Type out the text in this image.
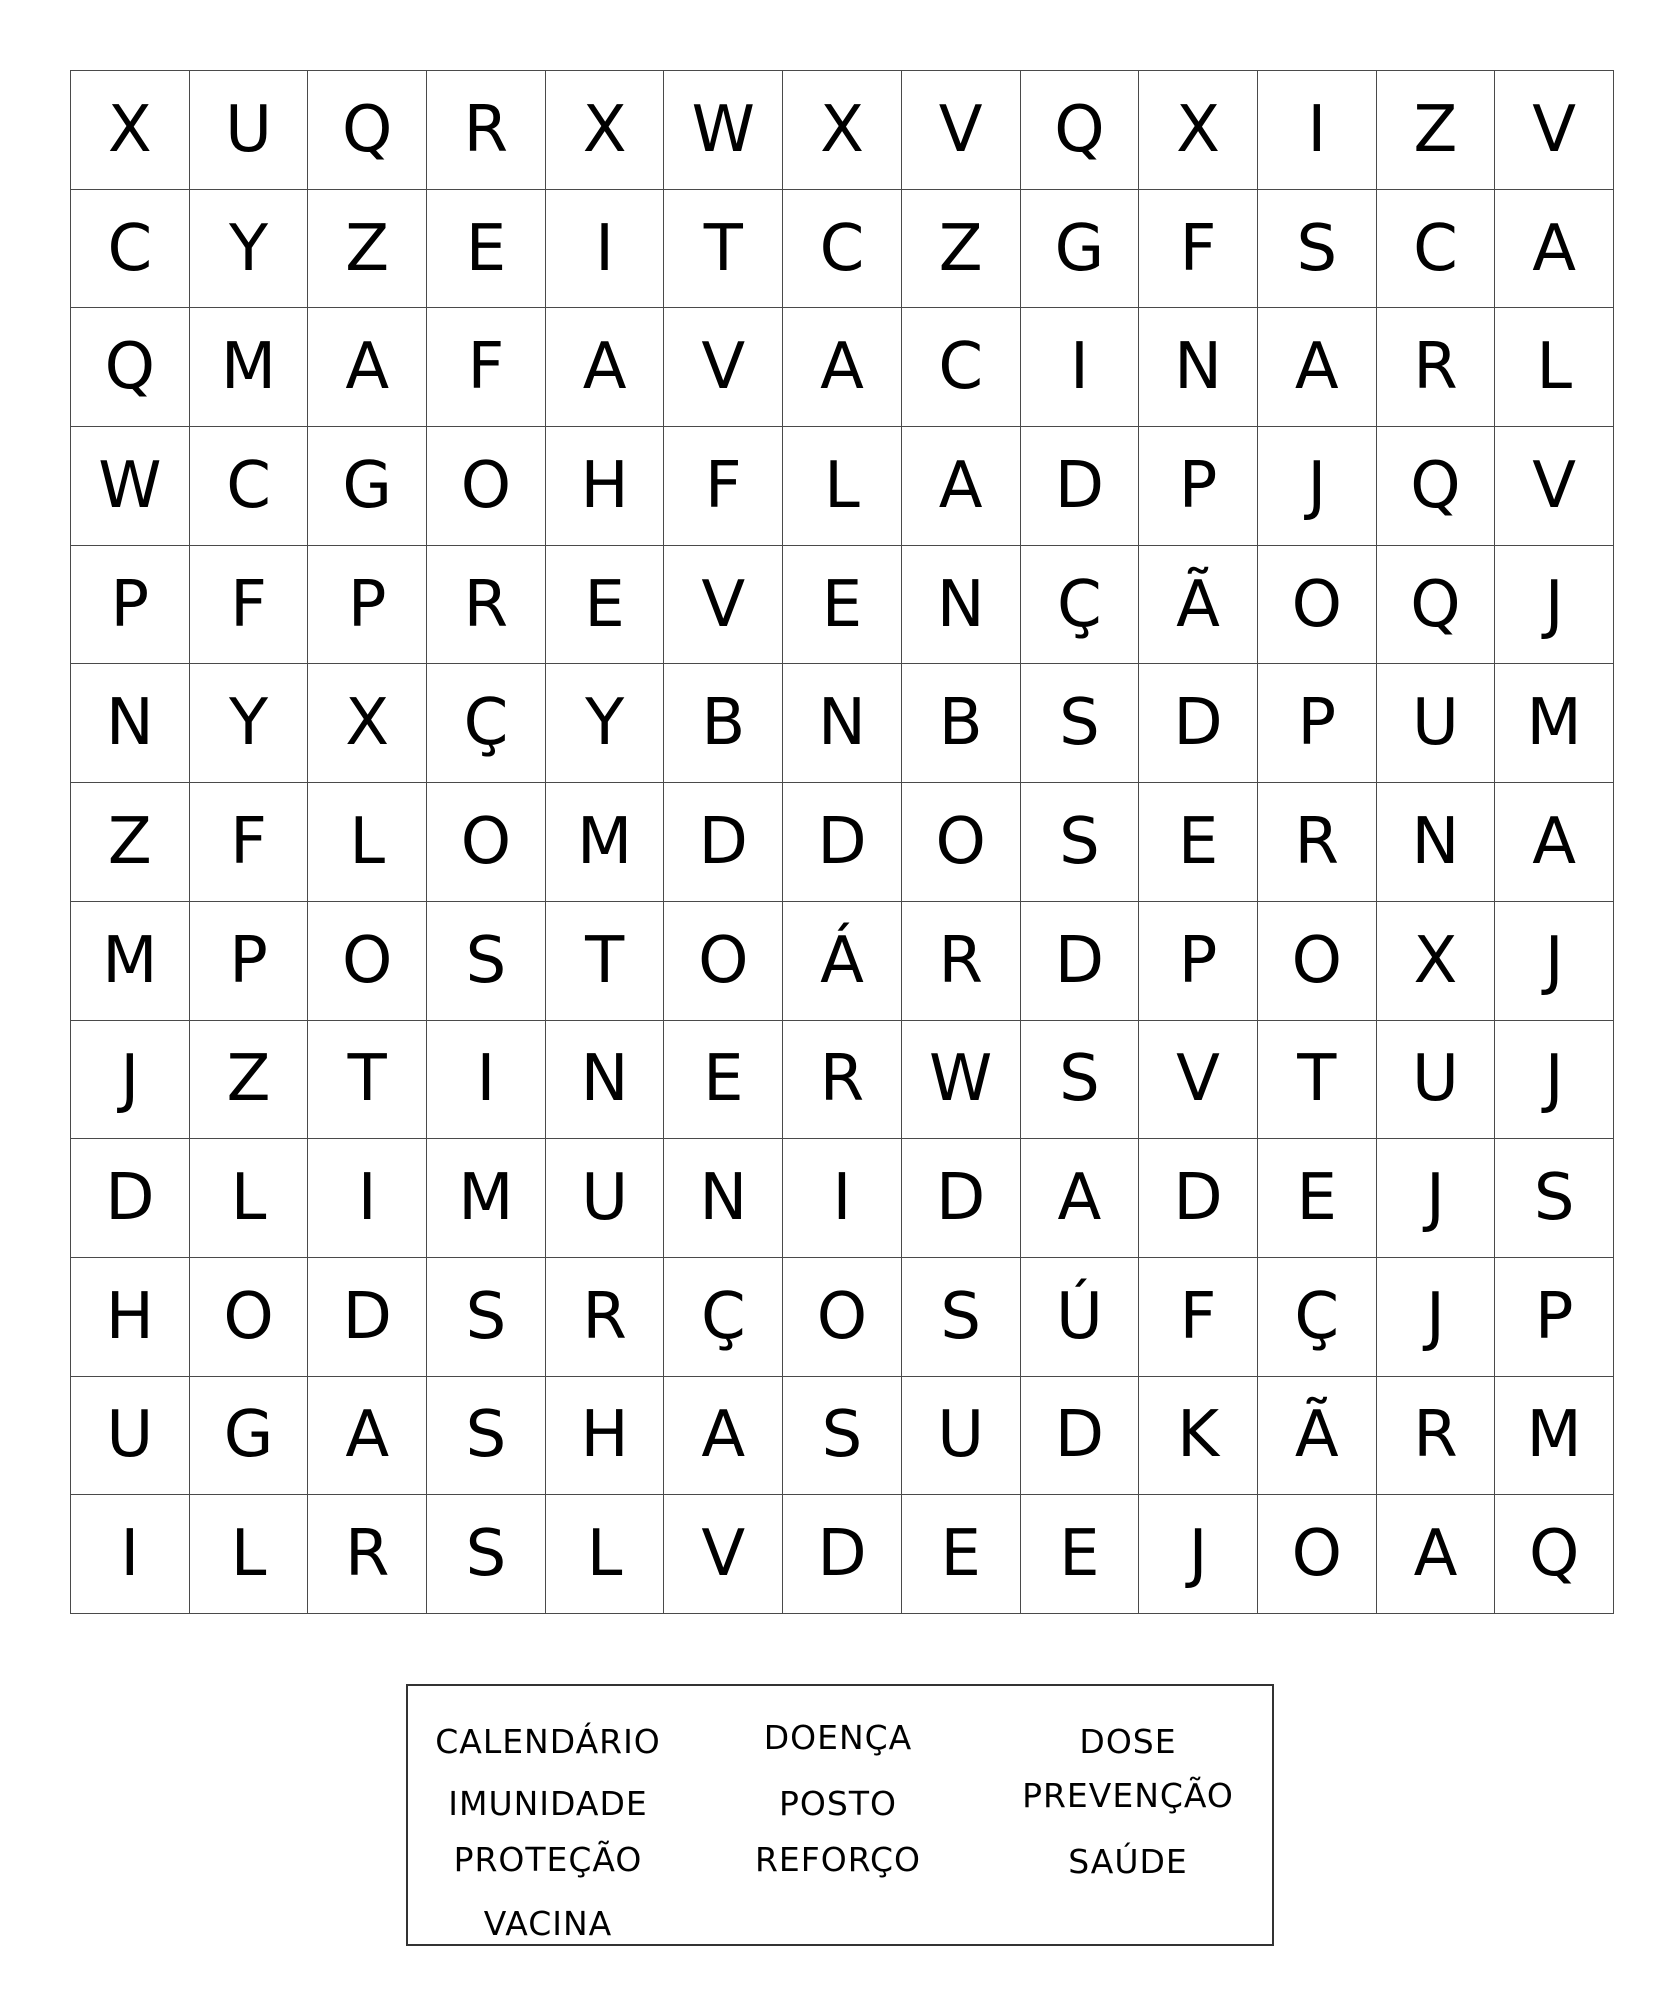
X	U	Q	R	X	W	X	V	Q	X	I	Z	V
C	Y	Z	E	I	T	C	Z	G	F	S	C	A
Q	M	A	F	A	V	A	C	I	N	A	R	L
W	C	G	O	H	F	L	A	D	P	J	Q	V
P	F	P	R	E	V	E	N	Ç	Ã	O	Q	J
N	Y	X	Ç	Y	B	N	B	S	D	P	U	M
Z	F	L	O	M	D	D	O	S	E	R	N	A
M	P	O	S	T	O	Á	R	D	P	O	X	J
J	Z	T	I	N	E	R	W	S	V	T	U	J
D	L	I	M	U	N	I	D	A	D	E	J	S
H	O	D	S	R	Ç	O	S	Ú	F	Ç	J	P
U	G	A	S	H	A	S	U	D	K	Ã	R	M
I	L	R	S	L	V	D	E	E	J	O	A	Q
CALENDÁRIO	DOENÇA	DOSE
IMUNIDADE	POSTO	PREVENÇÃO
PROTEÇÃO	REFORÇO	SAÚDE
VACINA
